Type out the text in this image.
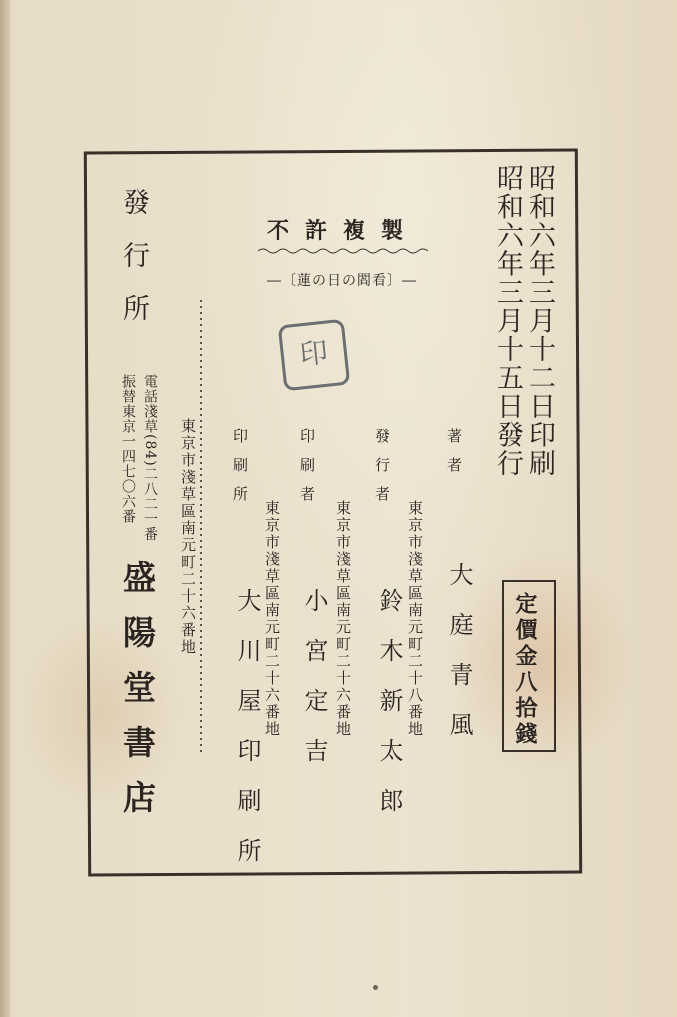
昭和六年三月十二日印刷
昭和六年三月十五日發行
定價金八拾錢
不許複製
―〔蓮の日の閻看〕―
印
著者
大庭青風
發行者
東京市淺草區南元町二十八番地
鈴木新太郎
印刷者
東京市淺草區南元町二十六番地
小宮定吉
印刷所
東京市淺草區南元町二十六番地
大川屋印刷所
發行所
電話淺草(84)二八二一番
振替東京一四七〇六番	東京市淺草區南元町二十六番地
盛陽堂書店
